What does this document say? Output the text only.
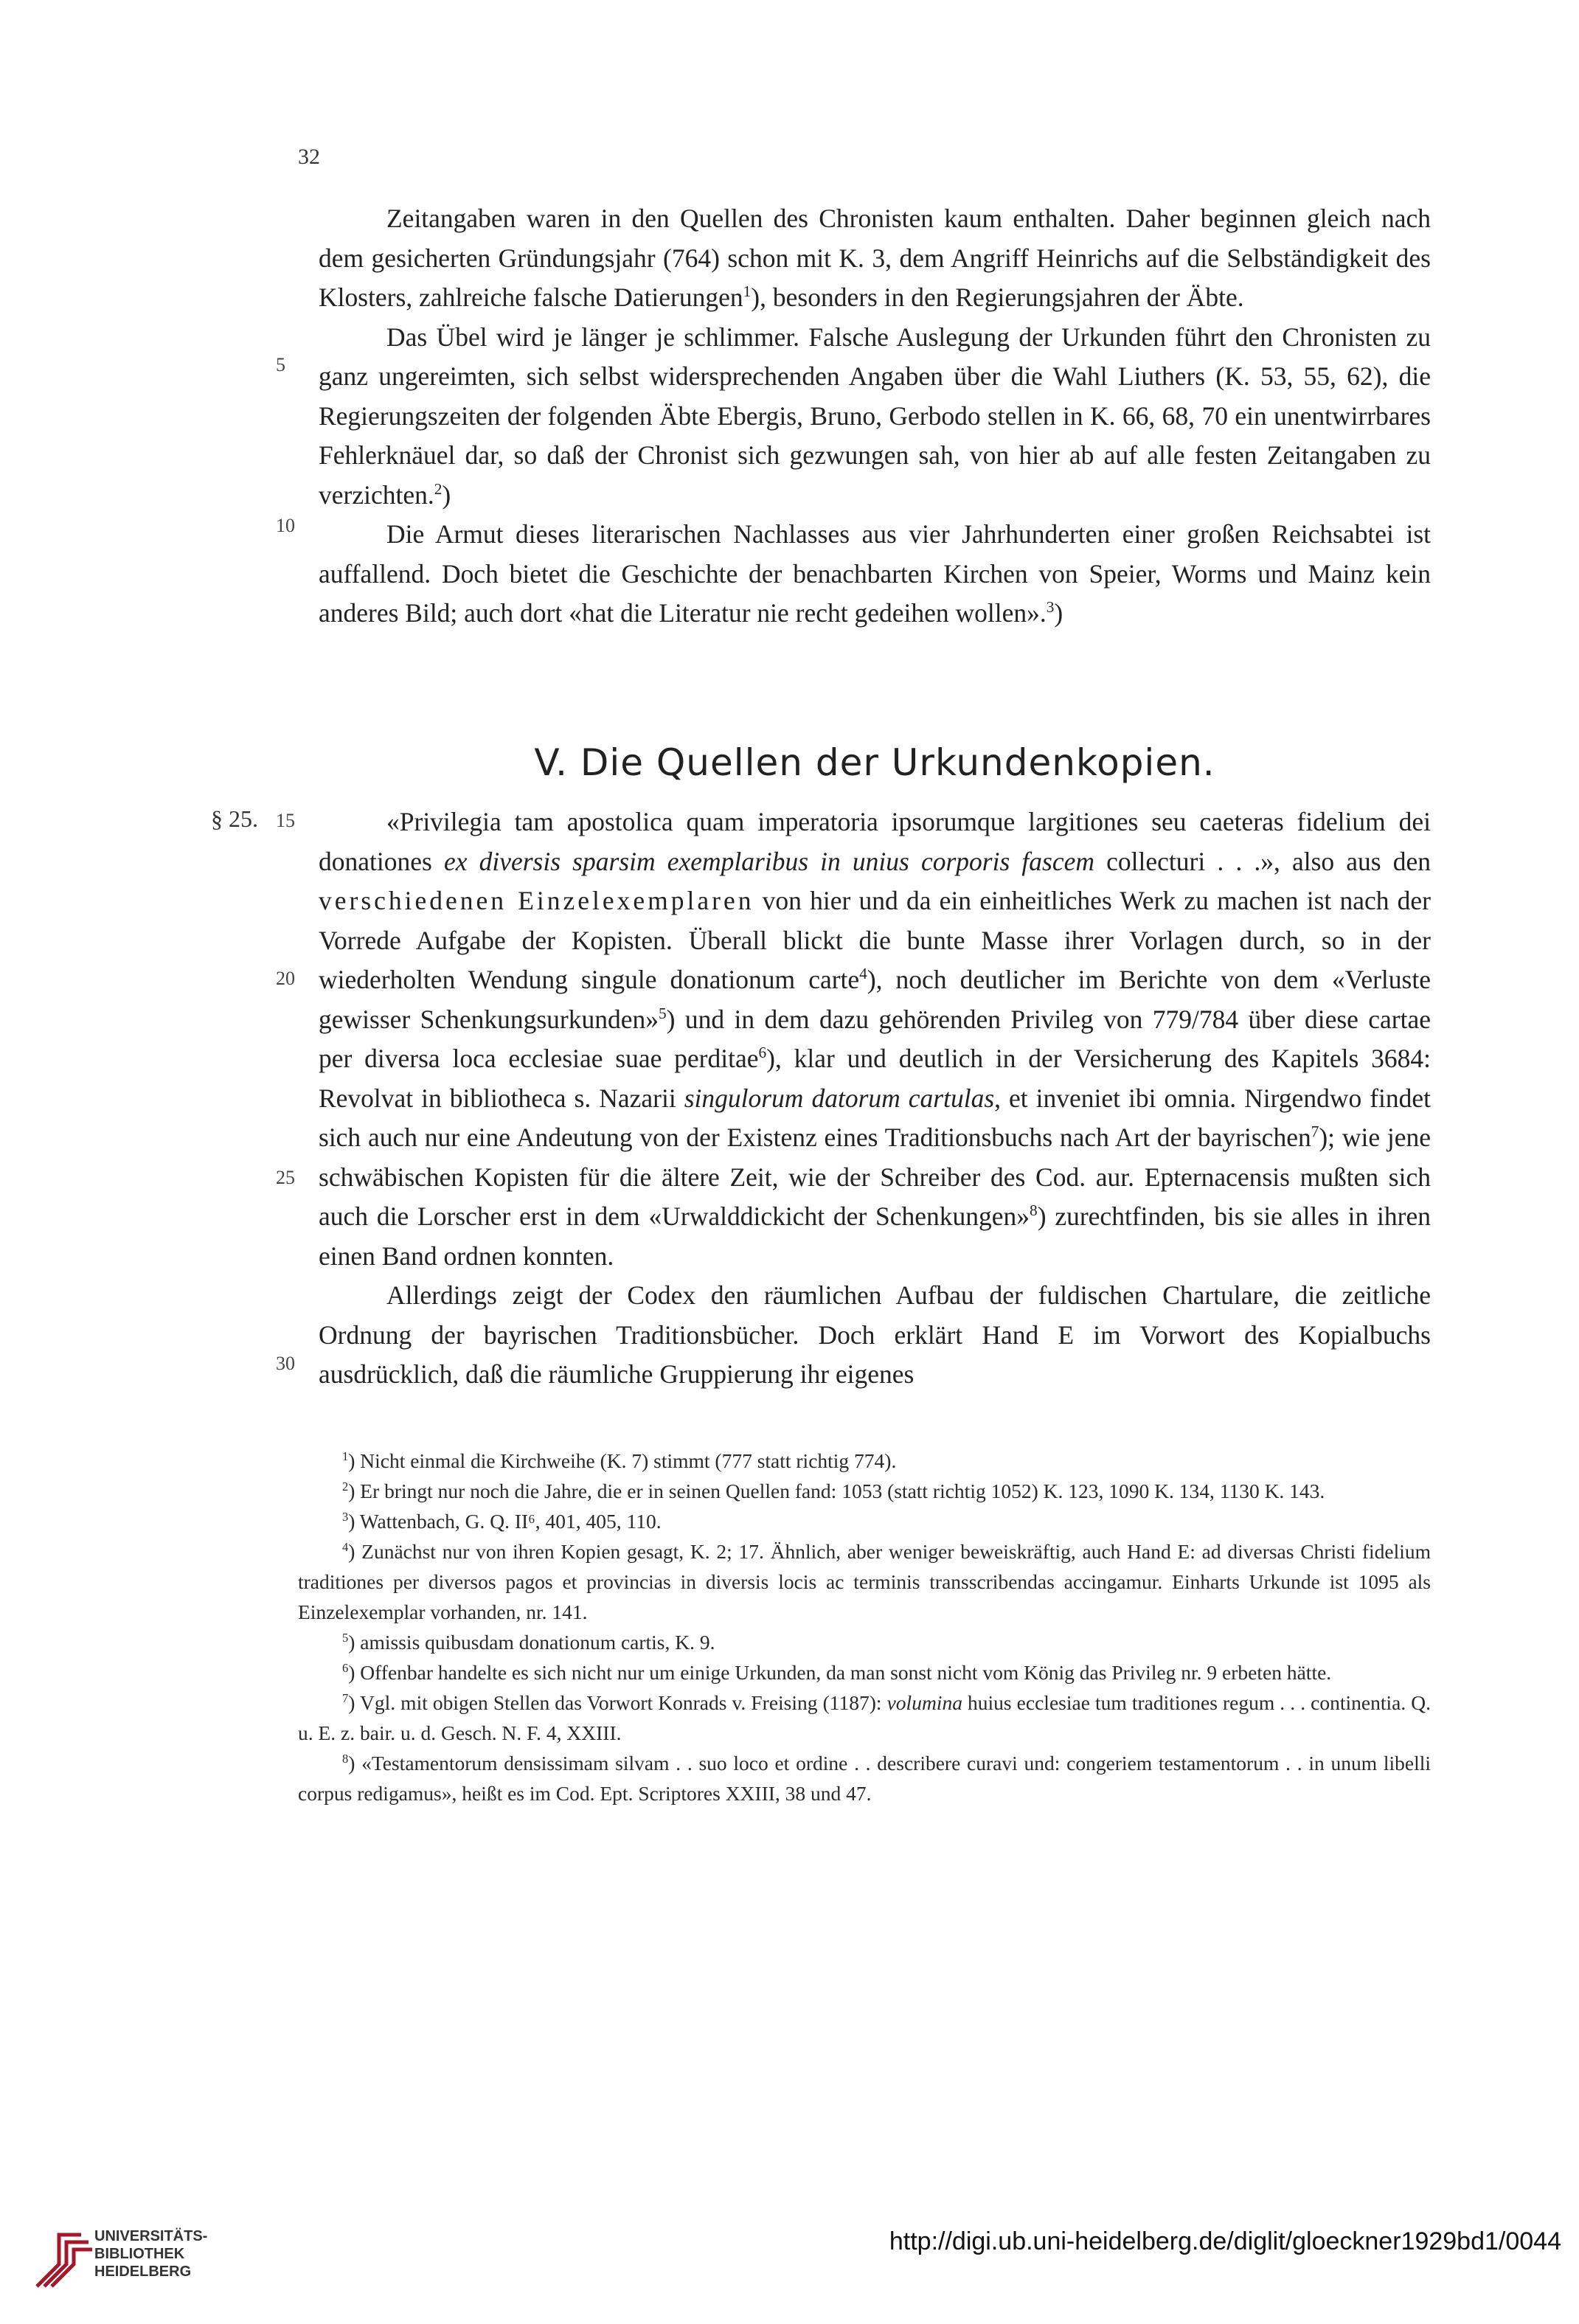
32

Zeitangaben waren in den Quellen des Chronisten kaum enthalten. Daher beginnen gleich nach dem gesicherten Gründungsjahr (764) schon mit K. 3, dem Angriff Heinrichs auf die Selbständigkeit des Klosters, zahlreiche falsche Datierungen$^1$), besonders in den Regierungsjahren der Äbte.

Das Übel wird je länger je schlimmer. Falsche Auslegung der Urkunden führt den Chronisten zu ganz ungereimten, sich selbst widersprechenden Angaben über die Wahl Liuthers (K. 53, 55, 62), die Regierungszeiten der folgenden Äbte Ebergis, Bruno, Gerbodo stellen in K. 66, 68, 70 ein unentwirrbares Fehlerknäuel dar, so daß der Chronist sich gezwungen sah, von hier ab auf alle festen Zeitangaben zu verzichten.$^2$)

Die Armut dieses literarischen Nachlasses aus vier Jahrhunderten einer großen Reichsabtei ist auffallend. Doch bietet die Geschichte der benachbarten Kirchen von Speier, Worms und Mainz kein anderes Bild; auch dort «hat die Literatur nie recht gedeihen wollen».$^3$)

5
10
V. Die Quellen der Urkundenkopien.
§ 25. 15
20
25
30

«Privilegia tam apostolica quam imperatoria ipsorumque largitiones seu caeteras fidelium dei donationes ex diversis sparsim exemplaribus in unius corporis fascem collecturi . . .», also aus den verschiedenen Einzelexemplaren von hier und da ein einheitliches Werk zu machen ist nach der Vorrede Aufgabe der Kopisten. Überall blickt die bunte Masse ihrer Vorlagen durch, so in der wiederholten Wendung singule donationum carte$^4$), noch deutlicher im Berichte von dem «Verluste gewisser Schenkungsurkunden»$^5$) und in dem dazu gehörenden Privileg von 779/784 über diese cartae per diversa loca ecclesiae suae perditae$^6$), klar und deutlich in der Versicherung des Kapitels 3684: Revolvat in bibliotheca s. Nazarii singulorum datorum cartulas, et inveniet ibi omnia. Nirgendwo findet sich auch nur eine Andeutung von der Existenz eines Traditionsbuchs nach Art der bayrischen$^7$); wie jene schwäbischen Kopisten für die ältere Zeit, wie der Schreiber des Cod. aur. Epternacensis mußten sich auch die Lorscher erst in dem «Urwalddickicht der Schenkungen»$^8$) zurechtfinden, bis sie alles in ihren einen Band ordnen konnten.

Allerdings zeigt der Codex den räumlichen Aufbau der fuldischen Chartulare, die zeitliche Ordnung der bayrischen Traditionsbücher. Doch erklärt Hand E im Vorwort des Kopialbuchs ausdrücklich, daß die räumliche Gruppierung ihr eigenes

$^1$) Nicht einmal die Kirchweihe (K. 7) stimmt (777 statt richtig 774).

$^2$) Er bringt nur noch die Jahre, die er in seinen Quellen fand: 1053 (statt richtig 1052) K. 123, 1090 K. 134, 1130 K. 143.

$^3$) Wattenbach, G. Q. II⁶, 401, 405, 110.

$^4$) Zunächst nur von ihren Kopien gesagt, K. 2; 17. Ähnlich, aber weniger beweiskräftig, auch Hand E: ad diversas Christi fidelium traditiones per diversos pagos et provincias in diversis locis ac terminis transscribendas accingamur. Einharts Urkunde ist 1095 als Einzelexemplar vorhanden, nr. 141.

$^5$) amissis quibusdam donationum cartis, K. 9.

$^6$) Offenbar handelte es sich nicht nur um einige Urkunden, da man sonst nicht vom König das Privileg nr. 9 erbeten hätte.

$^7$) Vgl. mit obigen Stellen das Vorwort Konrads v. Freising (1187): volumina huius ecclesiae tum traditiones regum . . . continentia. Q. u. E. z. bair. u. d. Gesch. N. F. 4, XXIII.

$^8$) «Testamentorum densissimam silvam . . suo loco et ordine . . describere curavi und: congeriem testamentorum . . in unum libelli corpus redigamus», heißt es im Cod. Ept. Scriptores XXIII, 38 und 47.

UNIVERSITÄTS-
BIBLIOTHEK
HEIDELBERG
http://digi.ub.uni-heidelberg.de/diglit/gloeckner1929bd1/0044
